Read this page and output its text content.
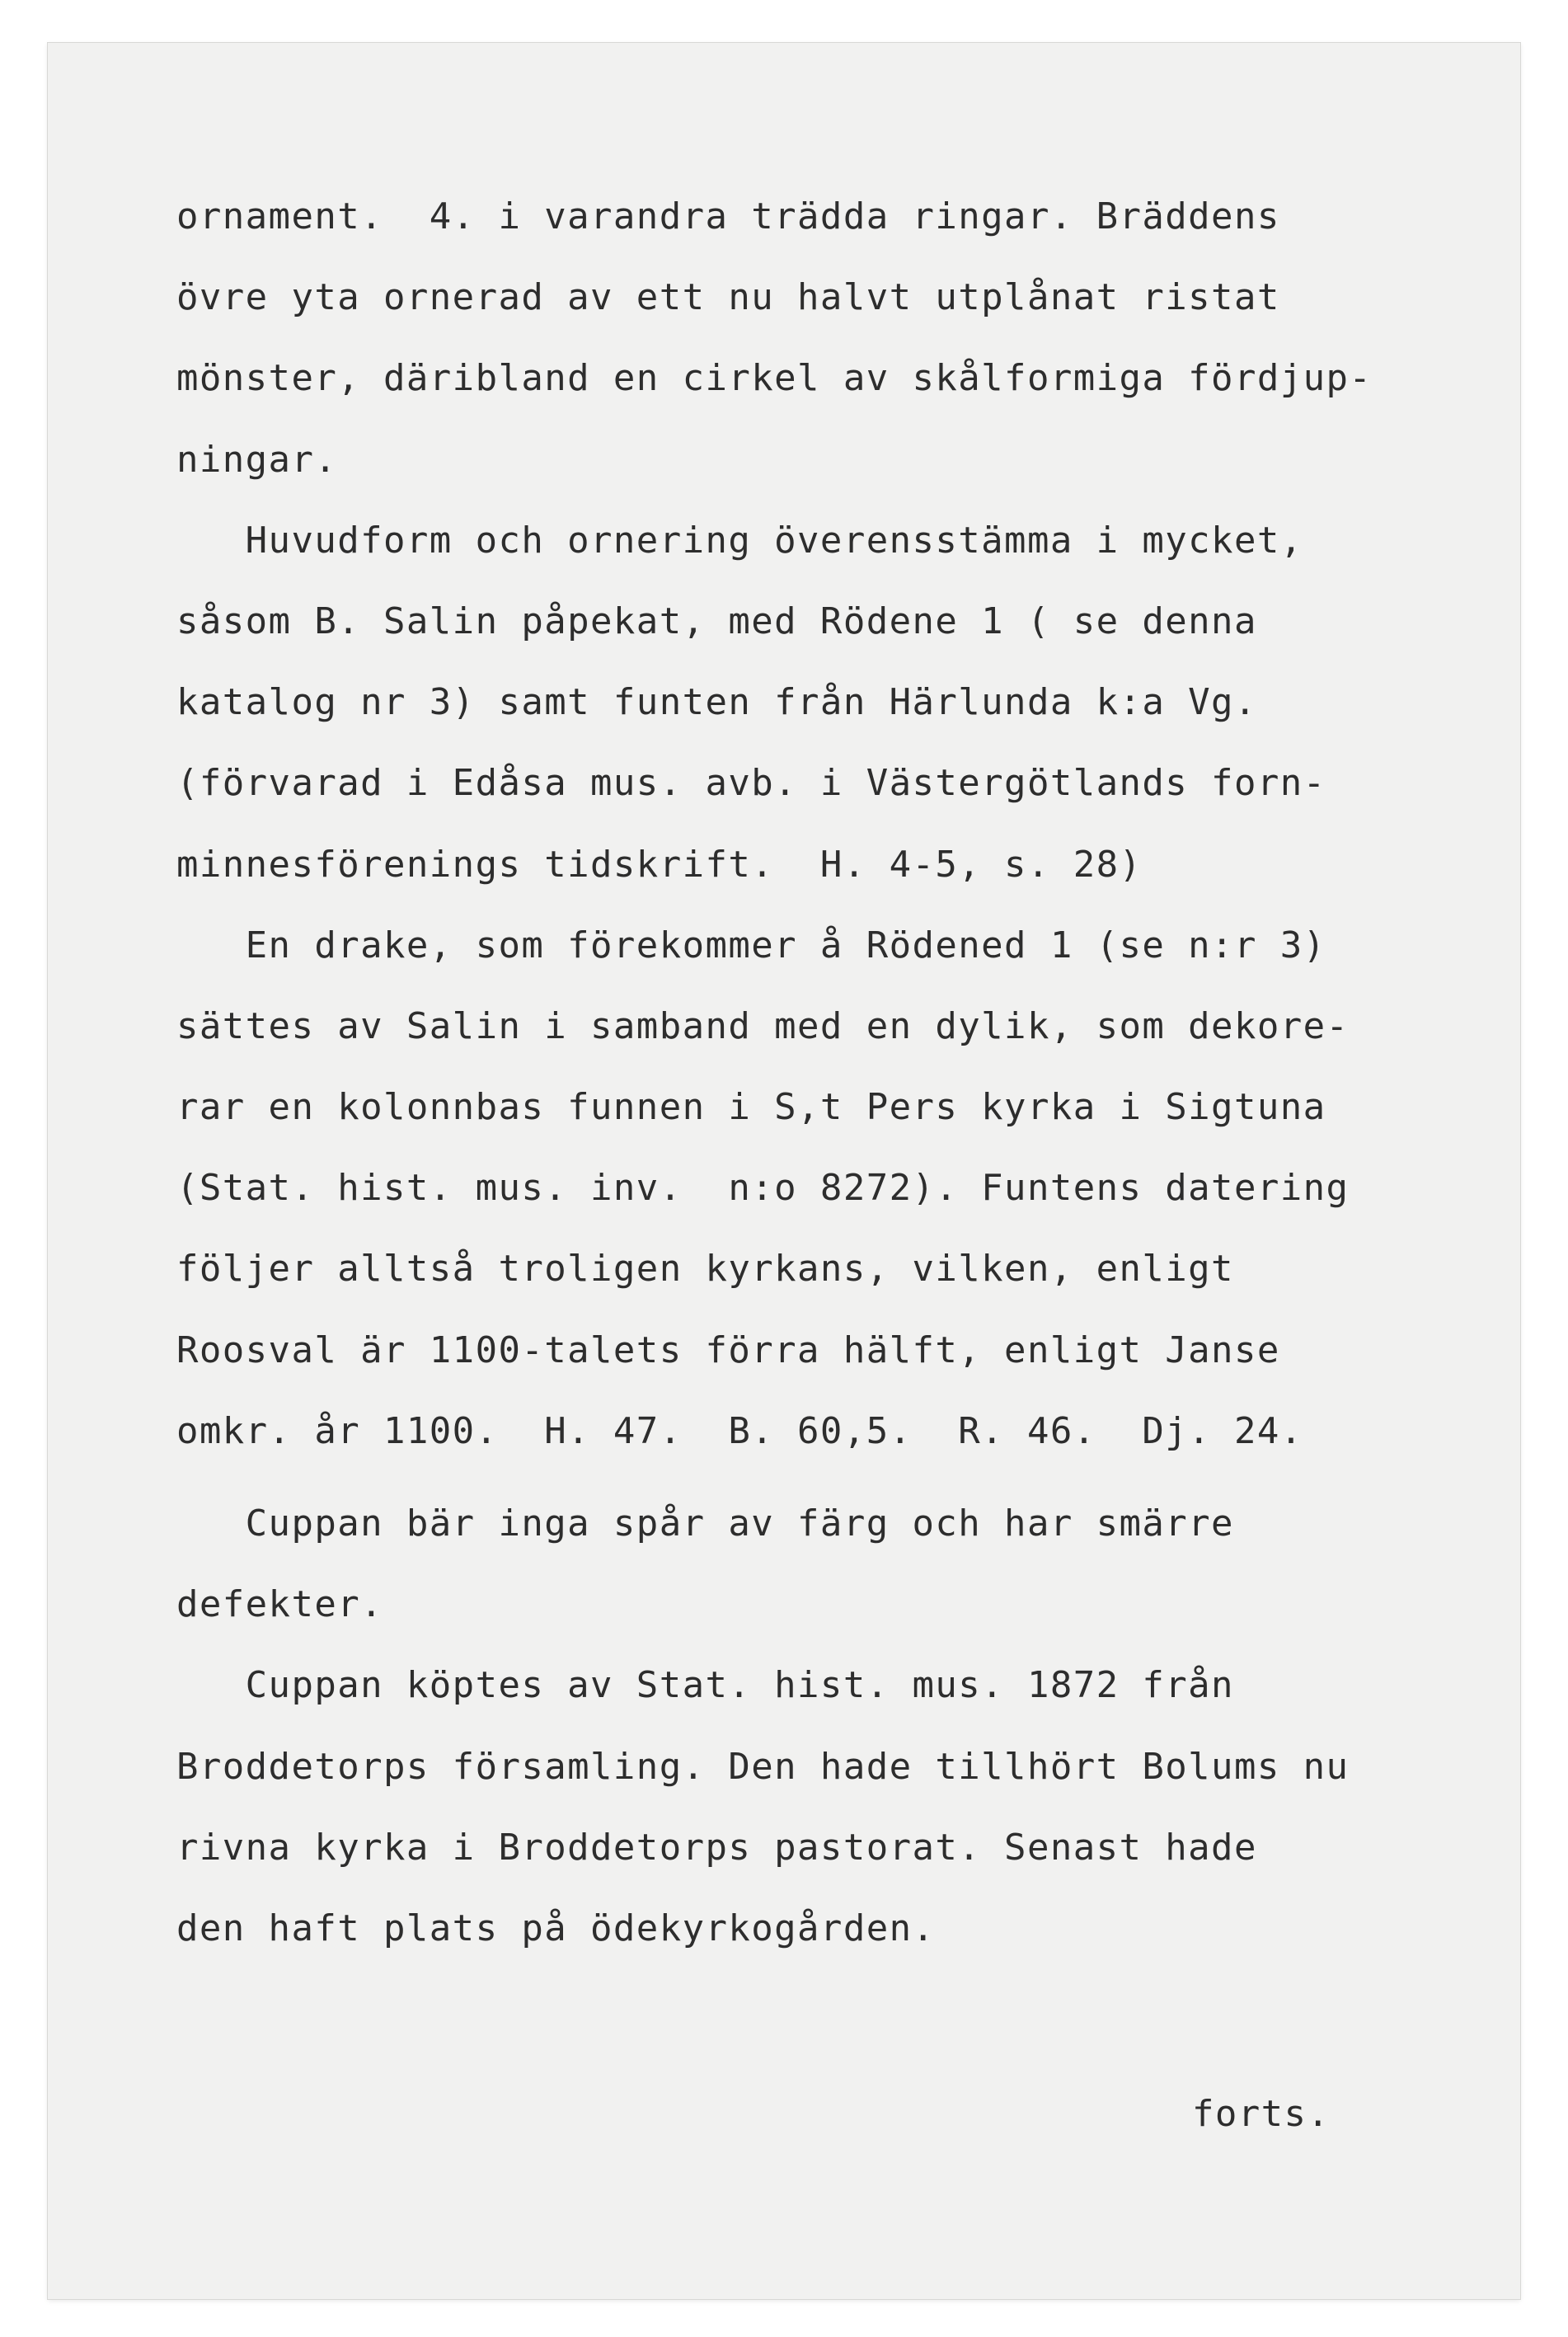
ornament.  4. i varandra trädda ringar. Bräddens
övre yta ornerad av ett nu halvt utplånat ristat
mönster, däribland en cirkel av skålformiga fördjup-
ningar.
Huvudform och ornering överensstämma i mycket,
såsom B. Salin påpekat, med Rödene 1 ( se denna
katalog nr 3) samt funten från Härlunda k:a Vg.
(förvarad i Edåsa mus. avb. i Västergötlands forn-
minnesförenings tidskrift.  H. 4-5, s. 28)
En drake, som förekommer å Rödened 1 (se n:r 3)
sättes av Salin i samband med en dylik, som dekore-
rar en kolonnbas funnen i S,t Pers kyrka i Sigtuna
(Stat. hist. mus. inv.  n:o 8272). Funtens datering
följer alltså troligen kyrkans, vilken, enligt
Roosval är 1100-talets förra hälft, enligt Janse
omkr. år 1100.  H. 47.  B. 60,5.  R. 46.  Dj. 24.
Cuppan bär inga spår av färg och har smärre
defekter.
Cuppan köptes av Stat. hist. mus. 1872 från
Broddetorps församling. Den hade tillhört Bolums nu
rivna kyrka i Broddetorps pastorat. Senast hade
den haft plats på ödekyrkogården.
forts.
